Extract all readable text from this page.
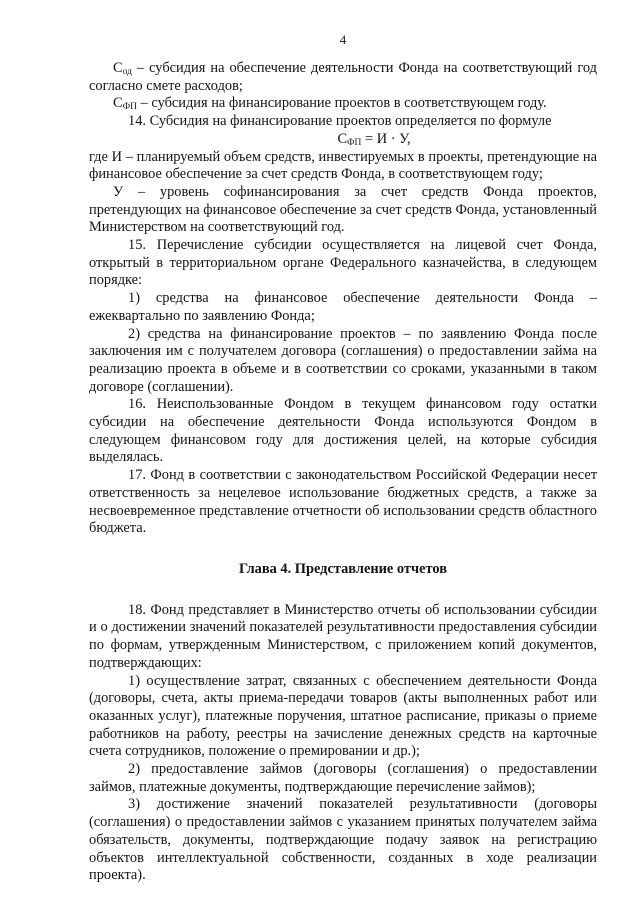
4

$С_{од}$ – субсидия на обеспечение деятельности Фонда на соответствующий год согласно смете расходов;

$С_{ФП}$ – субсидия на финансирование проектов в соответствующем году.

14. Субсидия на финансирование проектов определяется по формуле

$С_{ФП} = И \cdot У$,

где И – планируемый объем средств, инвестируемых в проекты, претендующие на финансовое обеспечение за счет средств Фонда, в соответствующем году;

У – уровень софинансирования за счет средств Фонда проектов, претендующих на финансовое обеспечение за счет средств Фонда, установленный Министерством на соответствующий год.

15. Перечисление субсидии осуществляется на лицевой счет Фонда, открытый в территориальном органе Федерального казначейства, в следующем порядке:

1) средства на финансовое обеспечение деятельности Фонда – ежеквартально по заявлению Фонда;

2) средства на финансирование проектов – по заявлению Фонда после заключения им с получателем договора (соглашения) о предоставлении займа на реализацию проекта в объеме и в соответствии со сроками, указанными в таком договоре (соглашении).

16. Неиспользованные Фондом в текущем финансовом году остатки субсидии на обеспечение деятельности Фонда используются Фондом в следующем финансовом году для достижения целей, на которые субсидия выделялась.

17. Фонд в соответствии с законодательством Российской Федерации несет ответственность за нецелевое использование бюджетных средств, а также за несвоевременное представление отчетности об использовании средств областного бюджета.

Глава 4. Представление отчетов

18. Фонд представляет в Министерство отчеты об использовании субсидии и о достижении значений показателей результативности предоставления субсидии по формам, утвержденным Министерством, с приложением копий документов, подтверждающих:

1) осуществление затрат, связанных с обеспечением деятельности Фонда (договоры, счета, акты приема-передачи товаров (акты выполненных работ или оказанных услуг), платежные поручения, штатное расписание, приказы о приеме работников на работу, реестры на зачисление денежных средств на карточные счета сотрудников, положение о премировании и др.);

2) предоставление займов (договоры (соглашения) о предоставлении займов, платежные документы, подтверждающие перечисление займов);

3) достижение значений показателей результативности (договоры (соглашения) о предоставлении займов с указанием принятых получателем займа обязательств, документы, подтверждающие подачу заявок на регистрацию объектов интеллектуальной собственности, созданных в ходе реализации проекта).
